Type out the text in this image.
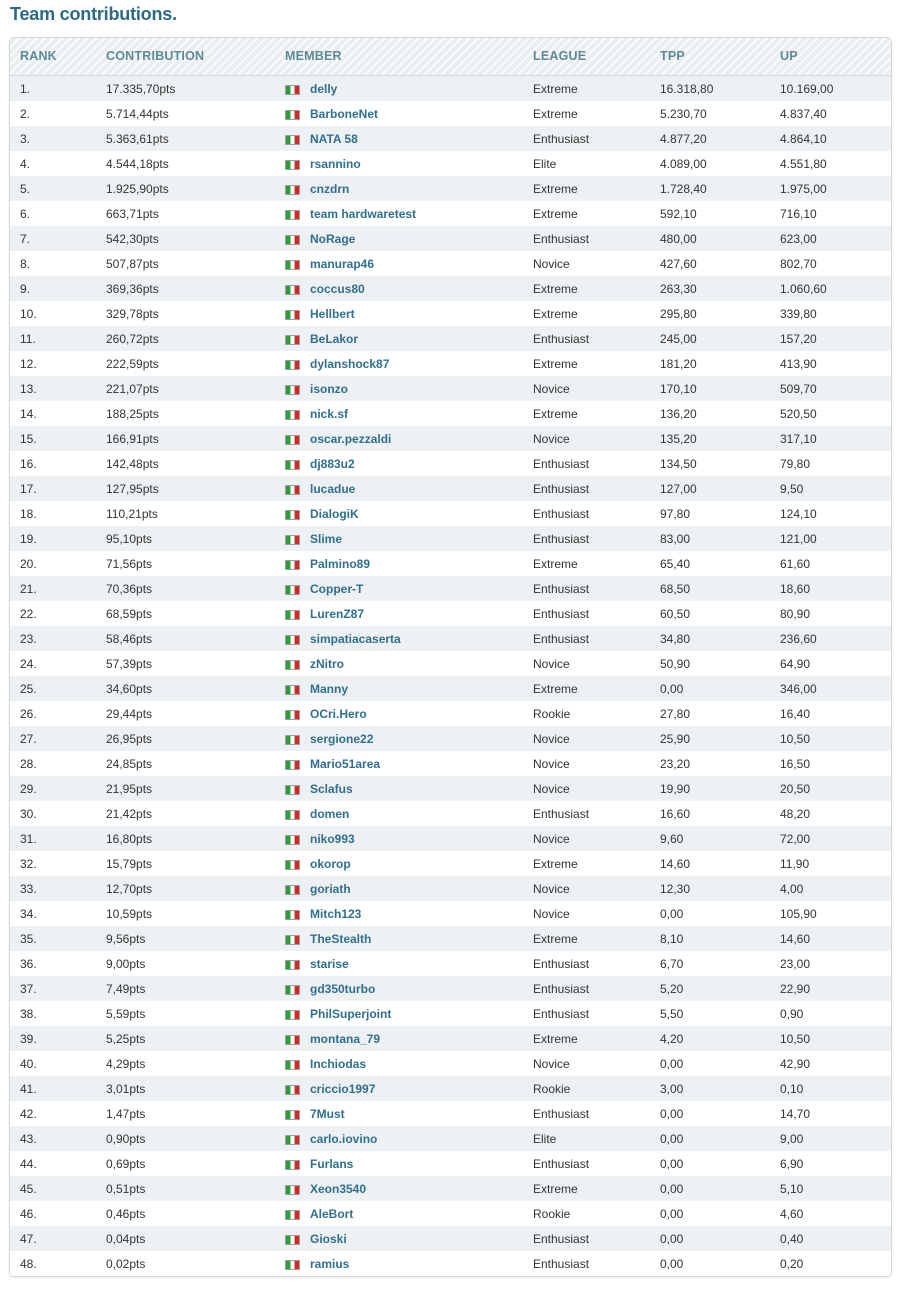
Team contributions.
RANK	CONTRIBUTION	MEMBER	LEAGUE	TPP	UP
1.	17.335,70pts	delly	Extreme	16.318,80	10.169,00
2.	5.714,44pts	BarboneNet	Extreme	5.230,70	4.837,40
3.	5.363,61pts	NATA 58	Enthusiast	4.877,20	4.864,10
4.	4.544,18pts	rsannino	Elite	4.089,00	4.551,80
5.	1.925,90pts	cnzdrn	Extreme	1.728,40	1.975,00
6.	663,71pts	team hardwaretest	Extreme	592,10	716,10
7.	542,30pts	NoRage	Enthusiast	480,00	623,00
8.	507,87pts	manurap46	Novice	427,60	802,70
9.	369,36pts	coccus80	Extreme	263,30	1.060,60
10.	329,78pts	Hellbert	Extreme	295,80	339,80
11.	260,72pts	BeLakor	Enthusiast	245,00	157,20
12.	222,59pts	dylanshock87	Extreme	181,20	413,90
13.	221,07pts	isonzo	Novice	170,10	509,70
14.	188,25pts	nick.sf	Extreme	136,20	520,50
15.	166,91pts	oscar.pezzaldi	Novice	135,20	317,10
16.	142,48pts	dj883u2	Enthusiast	134,50	79,80
17.	127,95pts	lucadue	Enthusiast	127,00	9,50
18.	110,21pts	DialogiK	Enthusiast	97,80	124,10
19.	95,10pts	Slime	Enthusiast	83,00	121,00
20.	71,56pts	Palmino89	Extreme	65,40	61,60
21.	70,36pts	Copper-T	Enthusiast	68,50	18,60
22.	68,59pts	LurenZ87	Enthusiast	60,50	80,90
23.	58,46pts	simpatiacaserta	Enthusiast	34,80	236,60
24.	57,39pts	zNitro	Novice	50,90	64,90
25.	34,60pts	Manny	Extreme	0,00	346,00
26.	29,44pts	OCri.Hero	Rookie	27,80	16,40
27.	26,95pts	sergione22	Novice	25,90	10,50
28.	24,85pts	Mario51area	Novice	23,20	16,50
29.	21,95pts	Sclafus	Novice	19,90	20,50
30.	21,42pts	domen	Enthusiast	16,60	48,20
31.	16,80pts	niko993	Novice	9,60	72,00
32.	15,79pts	okorop	Extreme	14,60	11,90
33.	12,70pts	goriath	Novice	12,30	4,00
34.	10,59pts	Mitch123	Novice	0,00	105,90
35.	9,56pts	TheStealth	Extreme	8,10	14,60
36.	9,00pts	starise	Enthusiast	6,70	23,00
37.	7,49pts	gd350turbo	Enthusiast	5,20	22,90
38.	5,59pts	PhilSuperjoint	Enthusiast	5,50	0,90
39.	5,25pts	montana_79	Extreme	4,20	10,50
40.	4,29pts	Inchiodas	Novice	0,00	42,90
41.	3,01pts	criccio1997	Rookie	3,00	0,10
42.	1,47pts	7Must	Enthusiast	0,00	14,70
43.	0,90pts	carlo.iovino	Elite	0,00	9,00
44.	0,69pts	Furlans	Enthusiast	0,00	6,90
45.	0,51pts	Xeon3540	Extreme	0,00	5,10
46.	0,46pts	AleBort	Rookie	0,00	4,60
47.	0,04pts	Gioski	Enthusiast	0,00	0,40
48.	0,02pts	ramius	Enthusiast	0,00	0,20
